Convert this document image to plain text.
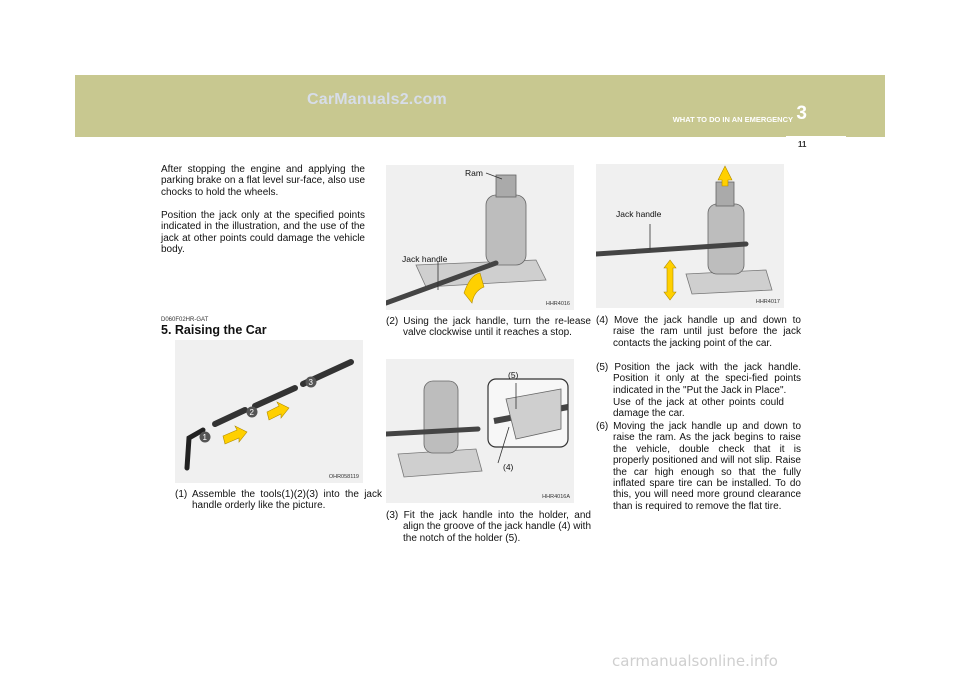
CarManuals2.com
WHAT TO DO IN AN EMERGENCY 3
11
After stopping the engine and applying the parking brake on a flat level sur-face, also use chocks to hold the wheels.
Position the jack only at the specified points indicated in the illustration, and the use of the jack at other points could damage the vehicle body.
D060F02HR-GAT
5. Raising the Car
1
2
3
OHR058119
(1) Assemble the tools(1)(2)(3) into the jack handle orderly like the picture.
Ram
Jack handle
HHR4016
(2) Using the jack handle, turn the re-lease valve clockwise until it reaches a stop.
(5)
(4)
HHR4016A
(3) Fit the jack handle into the holder, and align the groove of the jack handle (4) with the notch of the holder (5).
Jack handle
HHR4017
(4) Move the jack handle up and down to raise the ram until just before the jack contacts the jacking point of the car.
(5) Position the jack with the jack handle. Position it only at the speci-fied points indicated in the "Put the Jack in Place".
Use of the jack at other points could damage the car.
(6) Moving the jack handle up and down to raise the ram. As the jack begins to raise the vehicle, double check that it is properly positioned and will not slip. Raise the car high enough so that the fully inflated spare tire can be installed. To do this, you will need more ground clearance than is required to remove the flat tire.
carmanualsonline.info
